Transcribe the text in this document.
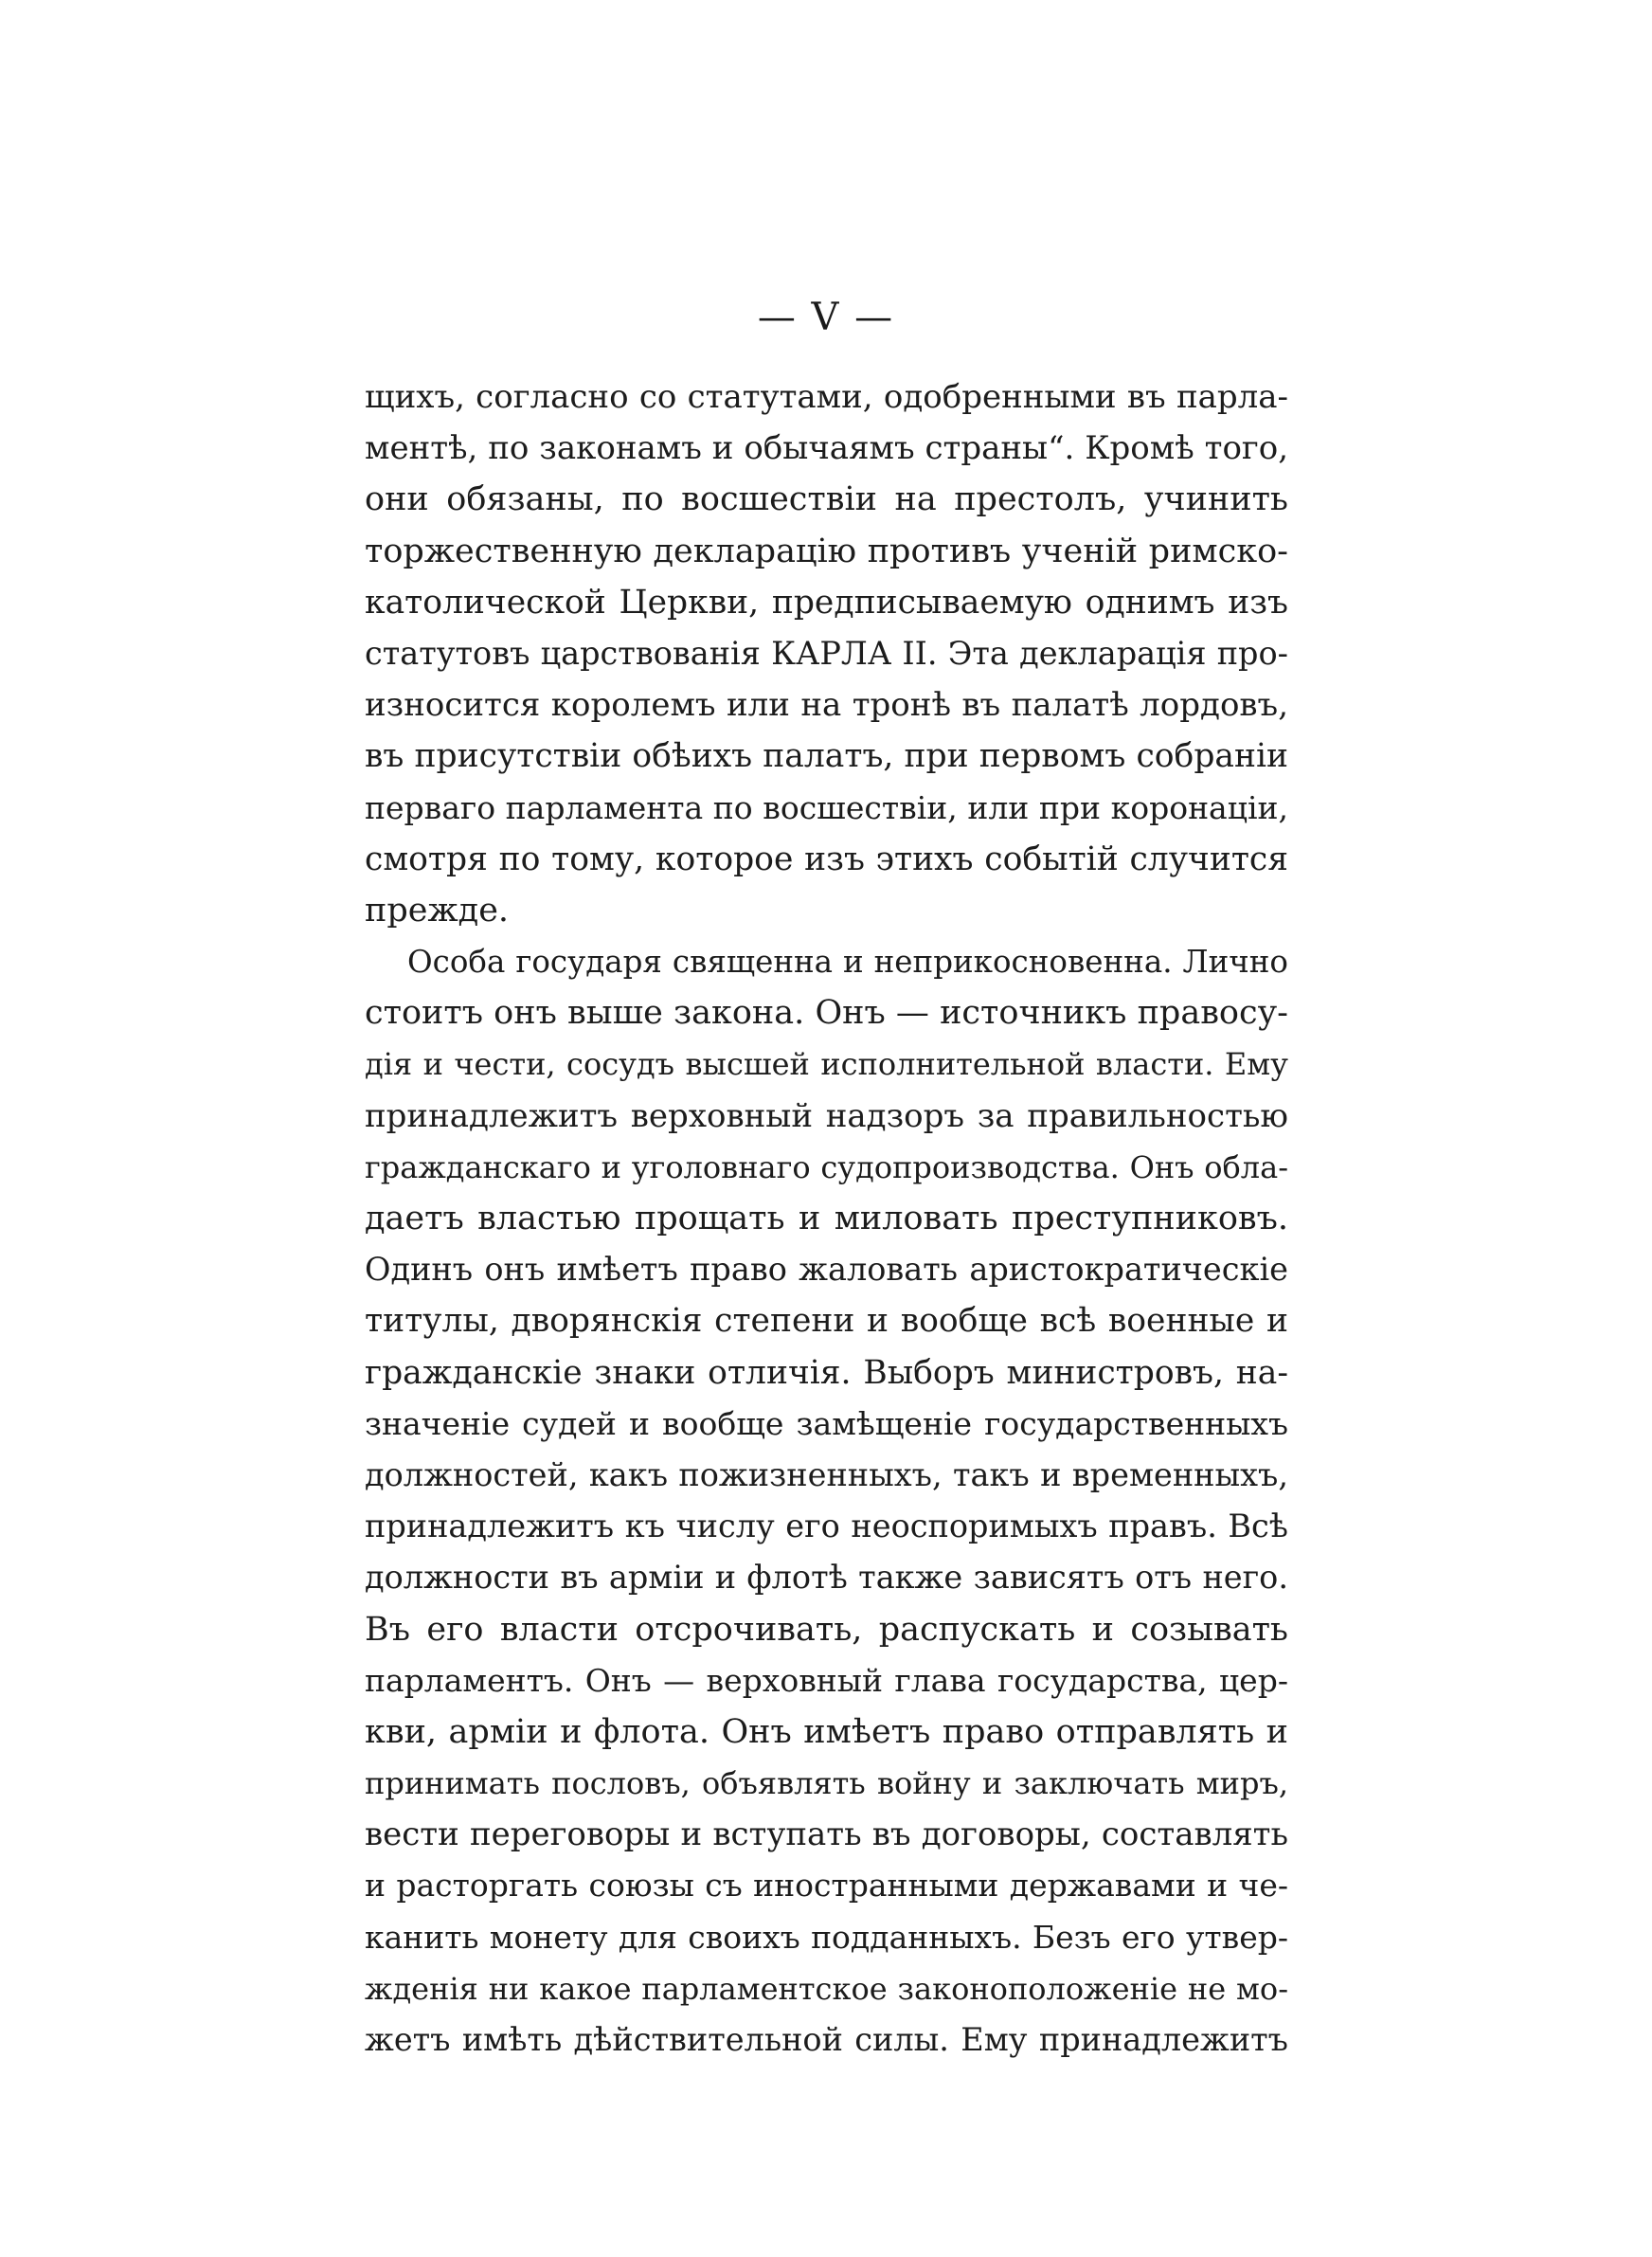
— V —
щихъ, согласно со статутами, одобренными въ парла-
ментѣ, по законамъ и обычаямъ страны“. Кромѣ того,
они обязаны, по восшествіи на престолъ, учинить
торжественную декларацію противъ ученій римско-
католической Церкви, предписываемую однимъ изъ
статутовъ царствованія КАРЛА II. Эта декларація про-
износится королемъ или на тронѣ въ палатѣ лордовъ,
въ присутствіи обѣихъ палатъ, при первомъ собраніи
перваго парламента по восшествіи, или при коронаціи,
смотря по тому, которое изъ этихъ событій случится
прежде.
Особа государя священна и неприкосновенна. Лично
стоитъ онъ выше закона. Онъ — источникъ правосу-
дія и чести, сосудъ высшей исполнительной власти. Ему
принадлежитъ верховный надзоръ за правильностью
гражданскаго и уголовнаго судопроизводства. Онъ обла-
даетъ властью прощать и миловать преступниковъ.
Одинъ онъ имѣетъ право жаловать аристократическіе
титулы, дворянскія степени и вообще всѣ военные и
гражданскіе знаки отличія. Выборъ министровъ, на-
значеніе судей и вообще замѣщеніе государственныхъ
должностей, какъ пожизненныхъ, такъ и временныхъ,
принадлежитъ къ числу его неоспоримыхъ правъ. Всѣ
должности въ арміи и флотѣ также зависятъ отъ него.
Въ его власти отсрочивать, распускать и созывать
парламентъ. Онъ — верховный глава государства, цер-
кви, арміи и флота. Онъ имѣетъ право отправлять и
принимать пословъ, объявлять войну и заключать миръ,
вести переговоры и вступать въ договоры, составлять
и расторгать союзы съ иностранными державами и че-
канить монету для своихъ подданныхъ. Безъ его утвер-
жденія ни какое парламентское законоположеніе не мо-
жетъ имѣть дѣйствительной силы. Ему принадлежитъ
